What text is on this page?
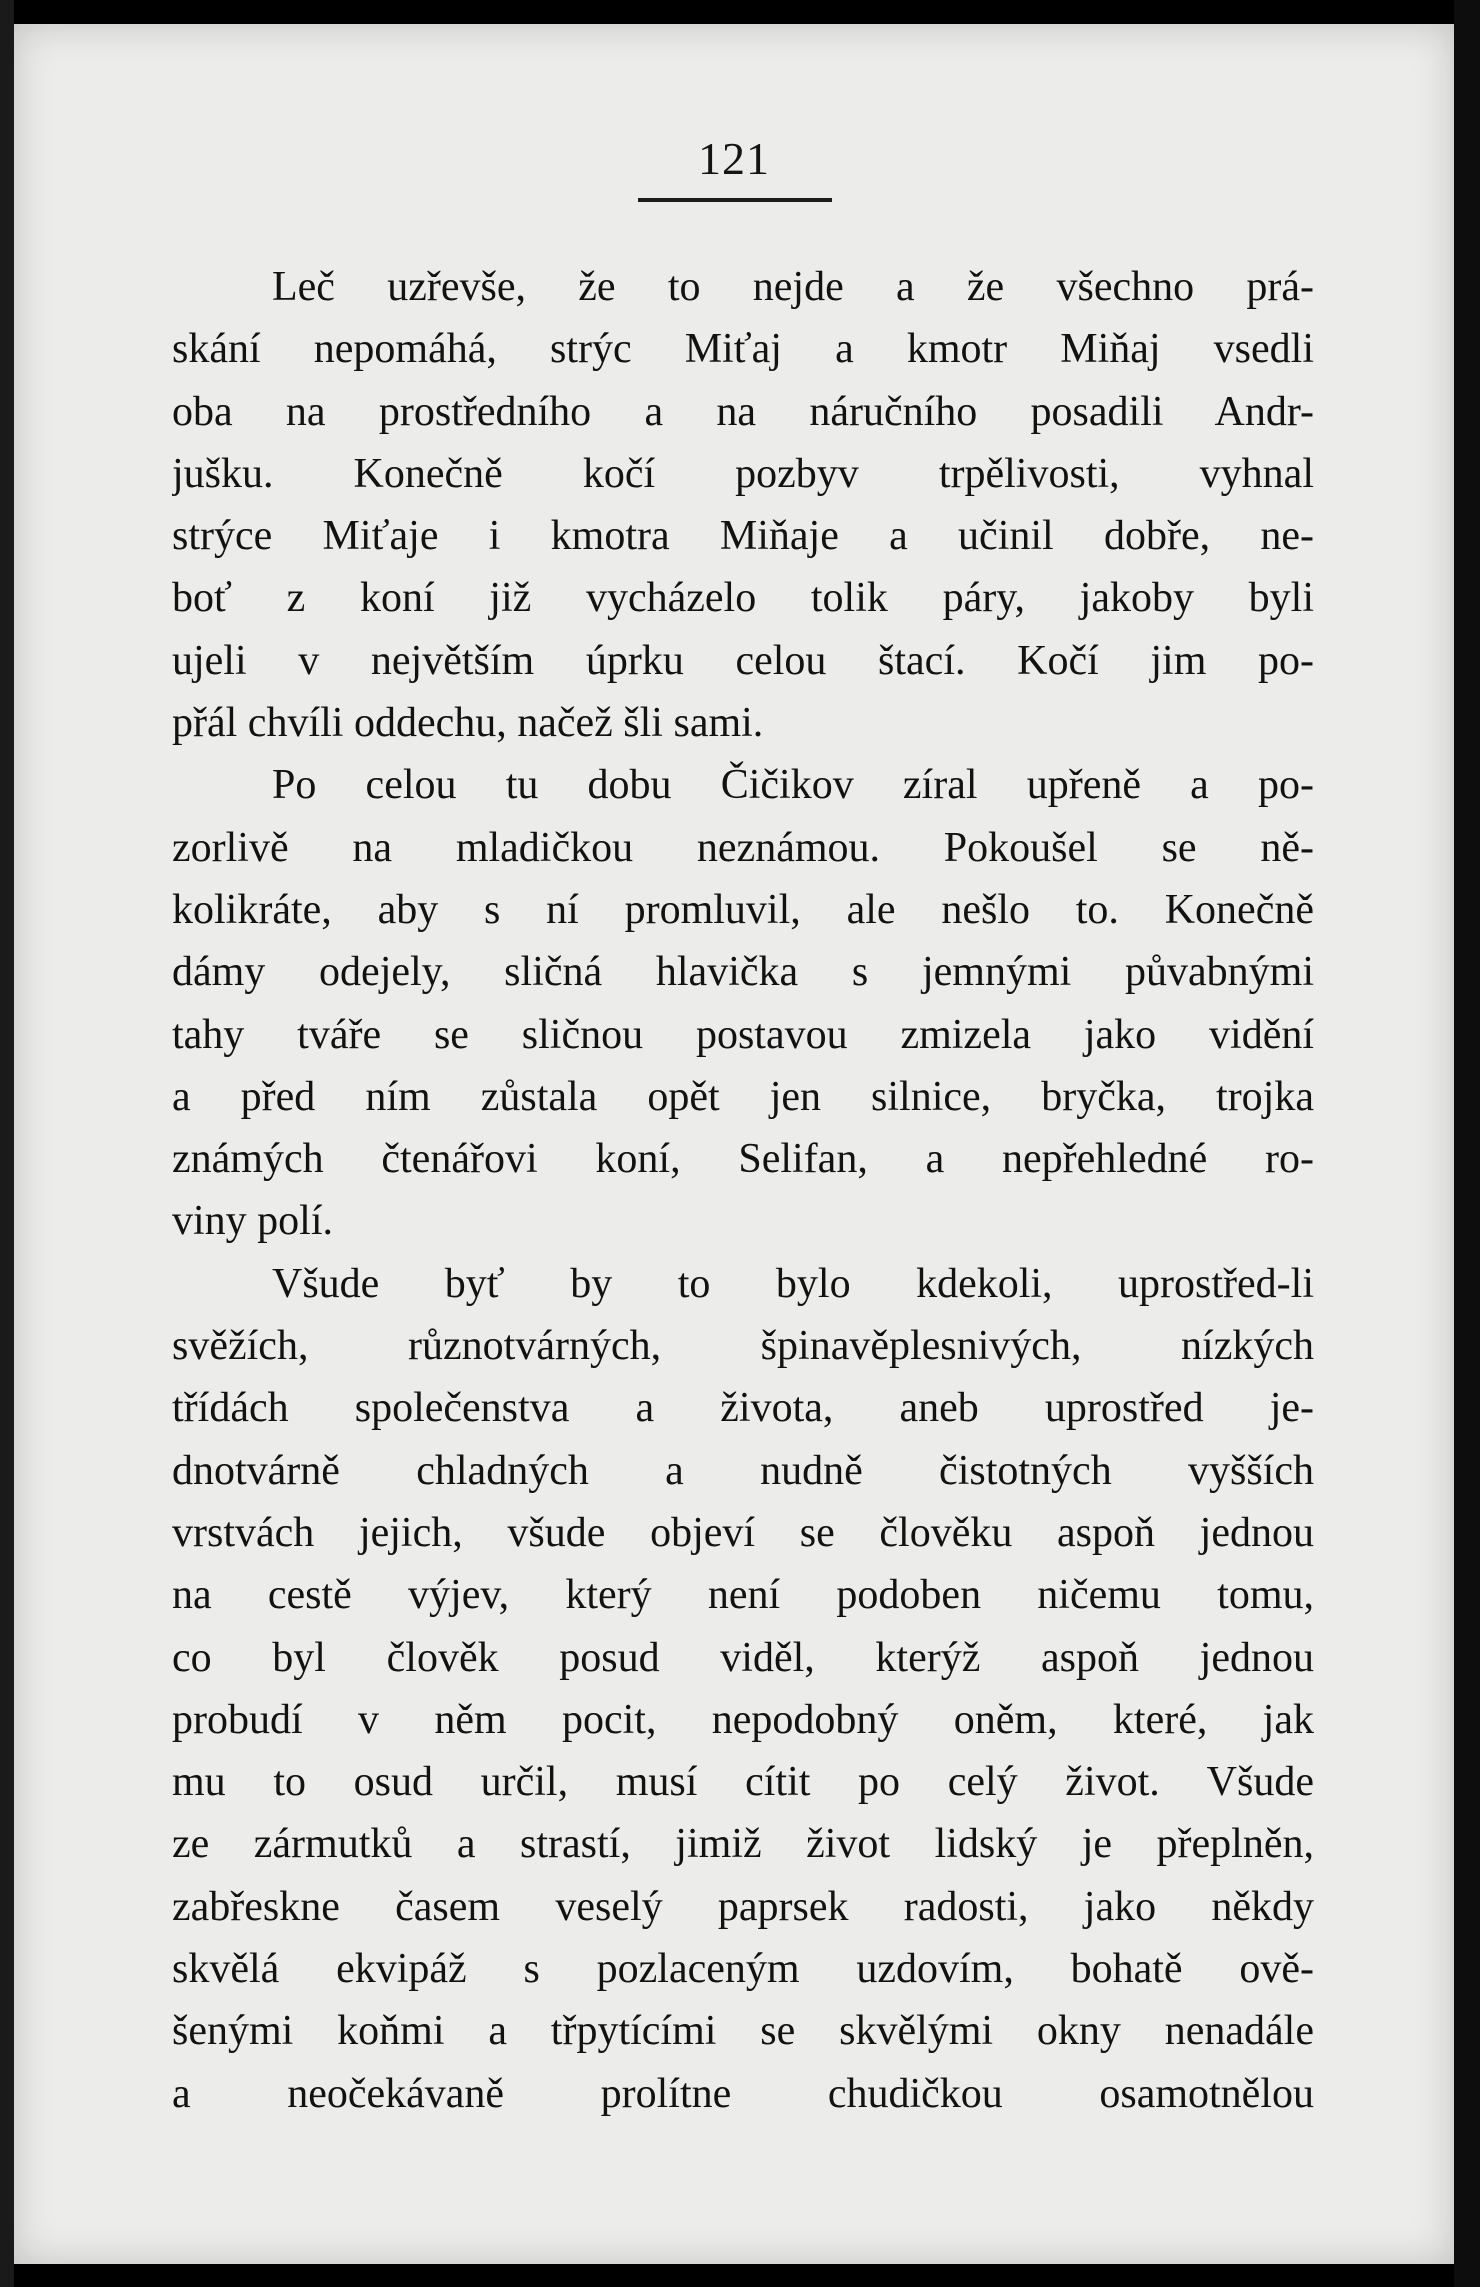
121
Leč uzřevše, že to nejde a že všechno prá-
skání nepomáhá, strýc Miťaj a kmotr Miňaj vsedli
oba na prostředního a na náručního posadili Andr-
jušku. Konečně kočí pozbyv trpělivosti, vyhnal
strýce Miťaje i kmotra Miňaje a učinil dobře, ne-
boť z koní již vycházelo tolik páry, jakoby byli
ujeli v největším úprku celou štací. Kočí jim po-
přál chvíli oddechu, načež šli sami.
Po celou tu dobu Čičikov zíral upřeně a po-
zorlivě na mladičkou neznámou. Pokoušel se ně-
kolikráte, aby s ní promluvil, ale nešlo to. Konečně
dámy odejely, sličná hlavička s jemnými půvabnými
tahy tváře se sličnou postavou zmizela jako vidění
a před ním zůstala opět jen silnice, bryčka, trojka
známých čtenářovi koní, Selifan, a nepřehledné ro-
viny polí.
Všude byť by to bylo kdekoli, uprostřed-li
svěžích, různotvárných, špinavěplesnivých, nízkých
třídách společenstva a života, aneb uprostřed je-
dnotvárně chladných a nudně čistotných vyšších
vrstvách jejich, všude objeví se člověku aspoň jednou
na cestě výjev, který není podoben ničemu tomu,
co byl člověk posud viděl, kterýž aspoň jednou
probudí v něm pocit, nepodobný oněm, které, jak
mu to osud určil, musí cítit po celý život. Všude
ze zármutků a strastí, jimiž život lidský je přeplněn,
zabřeskne časem veselý paprsek radosti, jako někdy
skvělá ekvipáž s pozlaceným uzdovím, bohatě ově-
šenými koňmi a třpytícími se skvělými okny nenadále
a neočekávaně prolítne chudičkou osamotnělou
